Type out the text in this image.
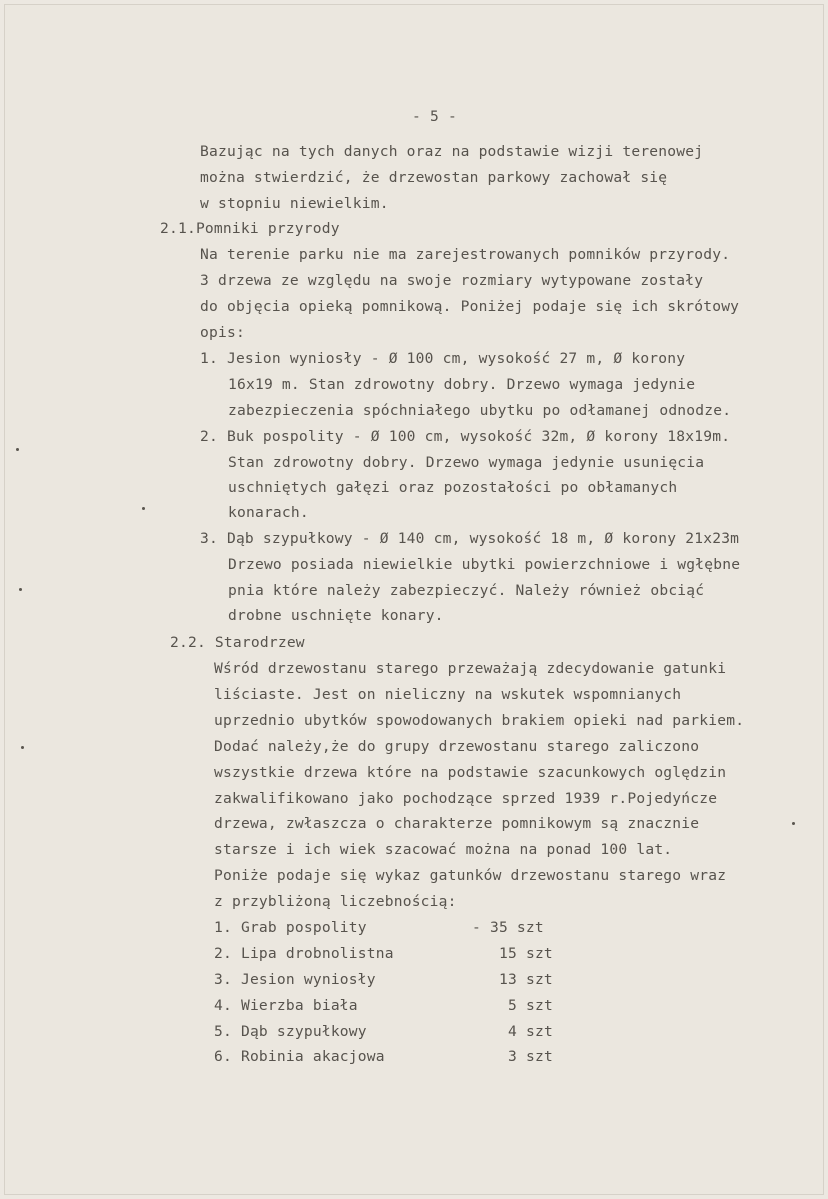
- 5 -
Bazując na tych danych oraz na podstawie wizji terenowej
można stwierdzić, że drzewostan parkowy zachował się
w stopniu niewielkim.
2.1.Pomniki przyrody
Na terenie parku nie ma zarejestrowanych pomników przyrody.
3 drzewa ze względu na swoje rozmiary wytypowane zostały
do objęcia opieką pomnikową. Poniżej podaje się ich skrótowy
opis:
1. Jesion wyniosły - Ø 100 cm, wysokość 27 m, Ø korony
16x19 m. Stan zdrowotny dobry. Drzewo wymaga jedynie
zabezpieczenia spóchniałego ubytku po odłamanej odnodze.
2. Buk pospolity - Ø 100 cm, wysokość 32m, Ø korony 18x19m.
Stan zdrowotny dobry. Drzewo wymaga jedynie usunięcia
uschniętych gałęzi oraz pozostałości po obłamanych
konarach.
3. Dąb szypułkowy - Ø 140 cm, wysokość 18 m, Ø korony 21x23m
Drzewo posiada niewielkie ubytki powierzchniowe i wgłębne
pnia które należy zabezpieczyć. Należy również obciąć
drobne uschnięte konary.
2.2. Starodrzew
Wśród drzewostanu starego przeważają zdecydowanie gatunki
liściaste. Jest on nieliczny na wskutek wspomnianych
uprzednio ubytków spowodowanych brakiem opieki nad parkiem.
Dodać należy,że do grupy drzewostanu starego zaliczono
wszystkie drzewa które na podstawie szacunkowych oględzin
zakwalifikowano jako pochodzące sprzed 1939 r.Pojedyńcze
drzewa, zwłaszcza o charakterze pomnikowym są znacznie
starsze i ich wiek szacować można na ponad 100 lat.
Poniże podaje się wykaz gatunków drzewostanu starego wraz
z przybliżoną liczebnością:
1. Grab pospolity	- 35 szt
2. Lipa drobnolistna	15 szt
3. Jesion wyniosły	13 szt
4. Wierzba biała	5 szt
5. Dąb szypułkowy	4 szt
6. Robinia akacjowa	3 szt
